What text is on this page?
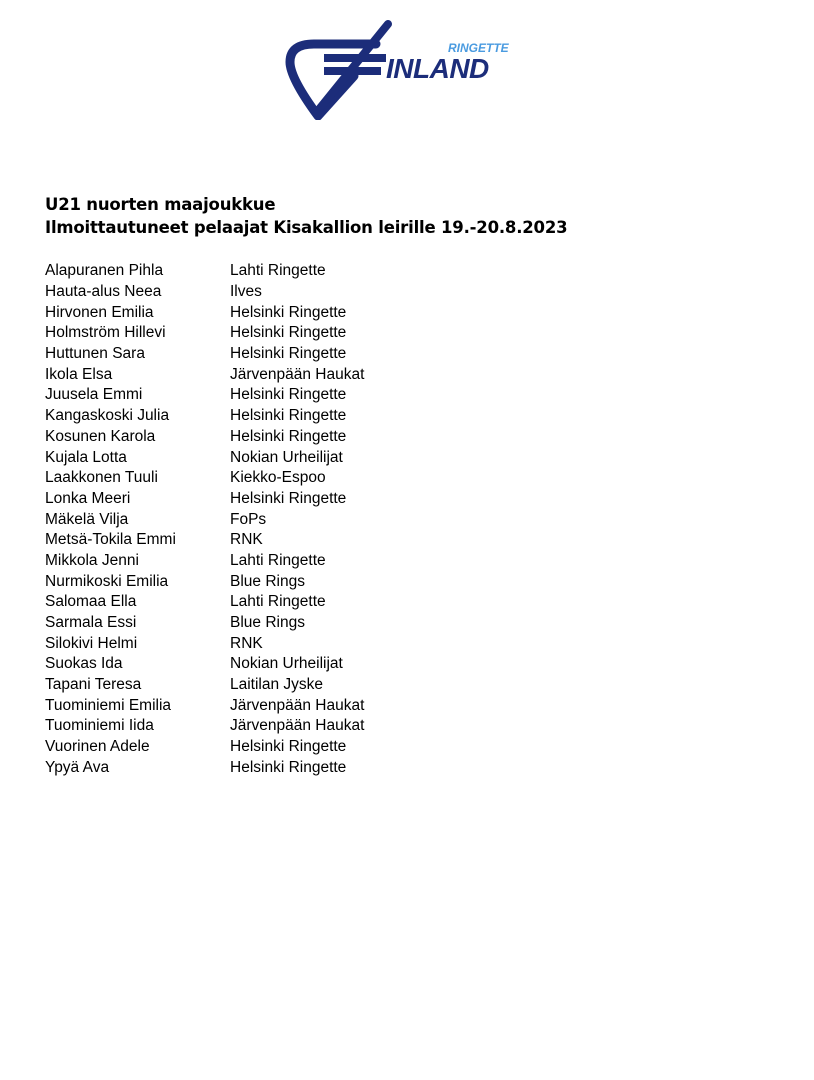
RINGETTE
INLAND
U21 nuorten maajoukkue
Ilmoittautuneet pelaajat Kisakallion leirille 19.-20.8.2023
Alapuranen Pihla	Lahti Ringette
Hauta-alus Neea	Ilves
Hirvonen Emilia	Helsinki Ringette
Holmström Hillevi	Helsinki Ringette
Huttunen Sara	Helsinki Ringette
Ikola Elsa	Järvenpään Haukat
Juusela Emmi	Helsinki Ringette
Kangaskoski Julia	Helsinki Ringette
Kosunen Karola	Helsinki Ringette
Kujala Lotta	Nokian Urheilijat
Laakkonen Tuuli	Kiekko-Espoo
Lonka Meeri	Helsinki Ringette
Mäkelä Vilja	FoPs
Metsä-Tokila Emmi	RNK
Mikkola Jenni	Lahti Ringette
Nurmikoski Emilia	Blue Rings
Salomaa Ella	Lahti Ringette
Sarmala Essi	Blue Rings
Silokivi Helmi	RNK
Suokas Ida	Nokian Urheilijat
Tapani Teresa	Laitilan Jyske
Tuominiemi Emilia	Järvenpään Haukat
Tuominiemi Iida	Järvenpään Haukat
Vuorinen Adele	Helsinki Ringette
Ypyä Ava	Helsinki Ringette
